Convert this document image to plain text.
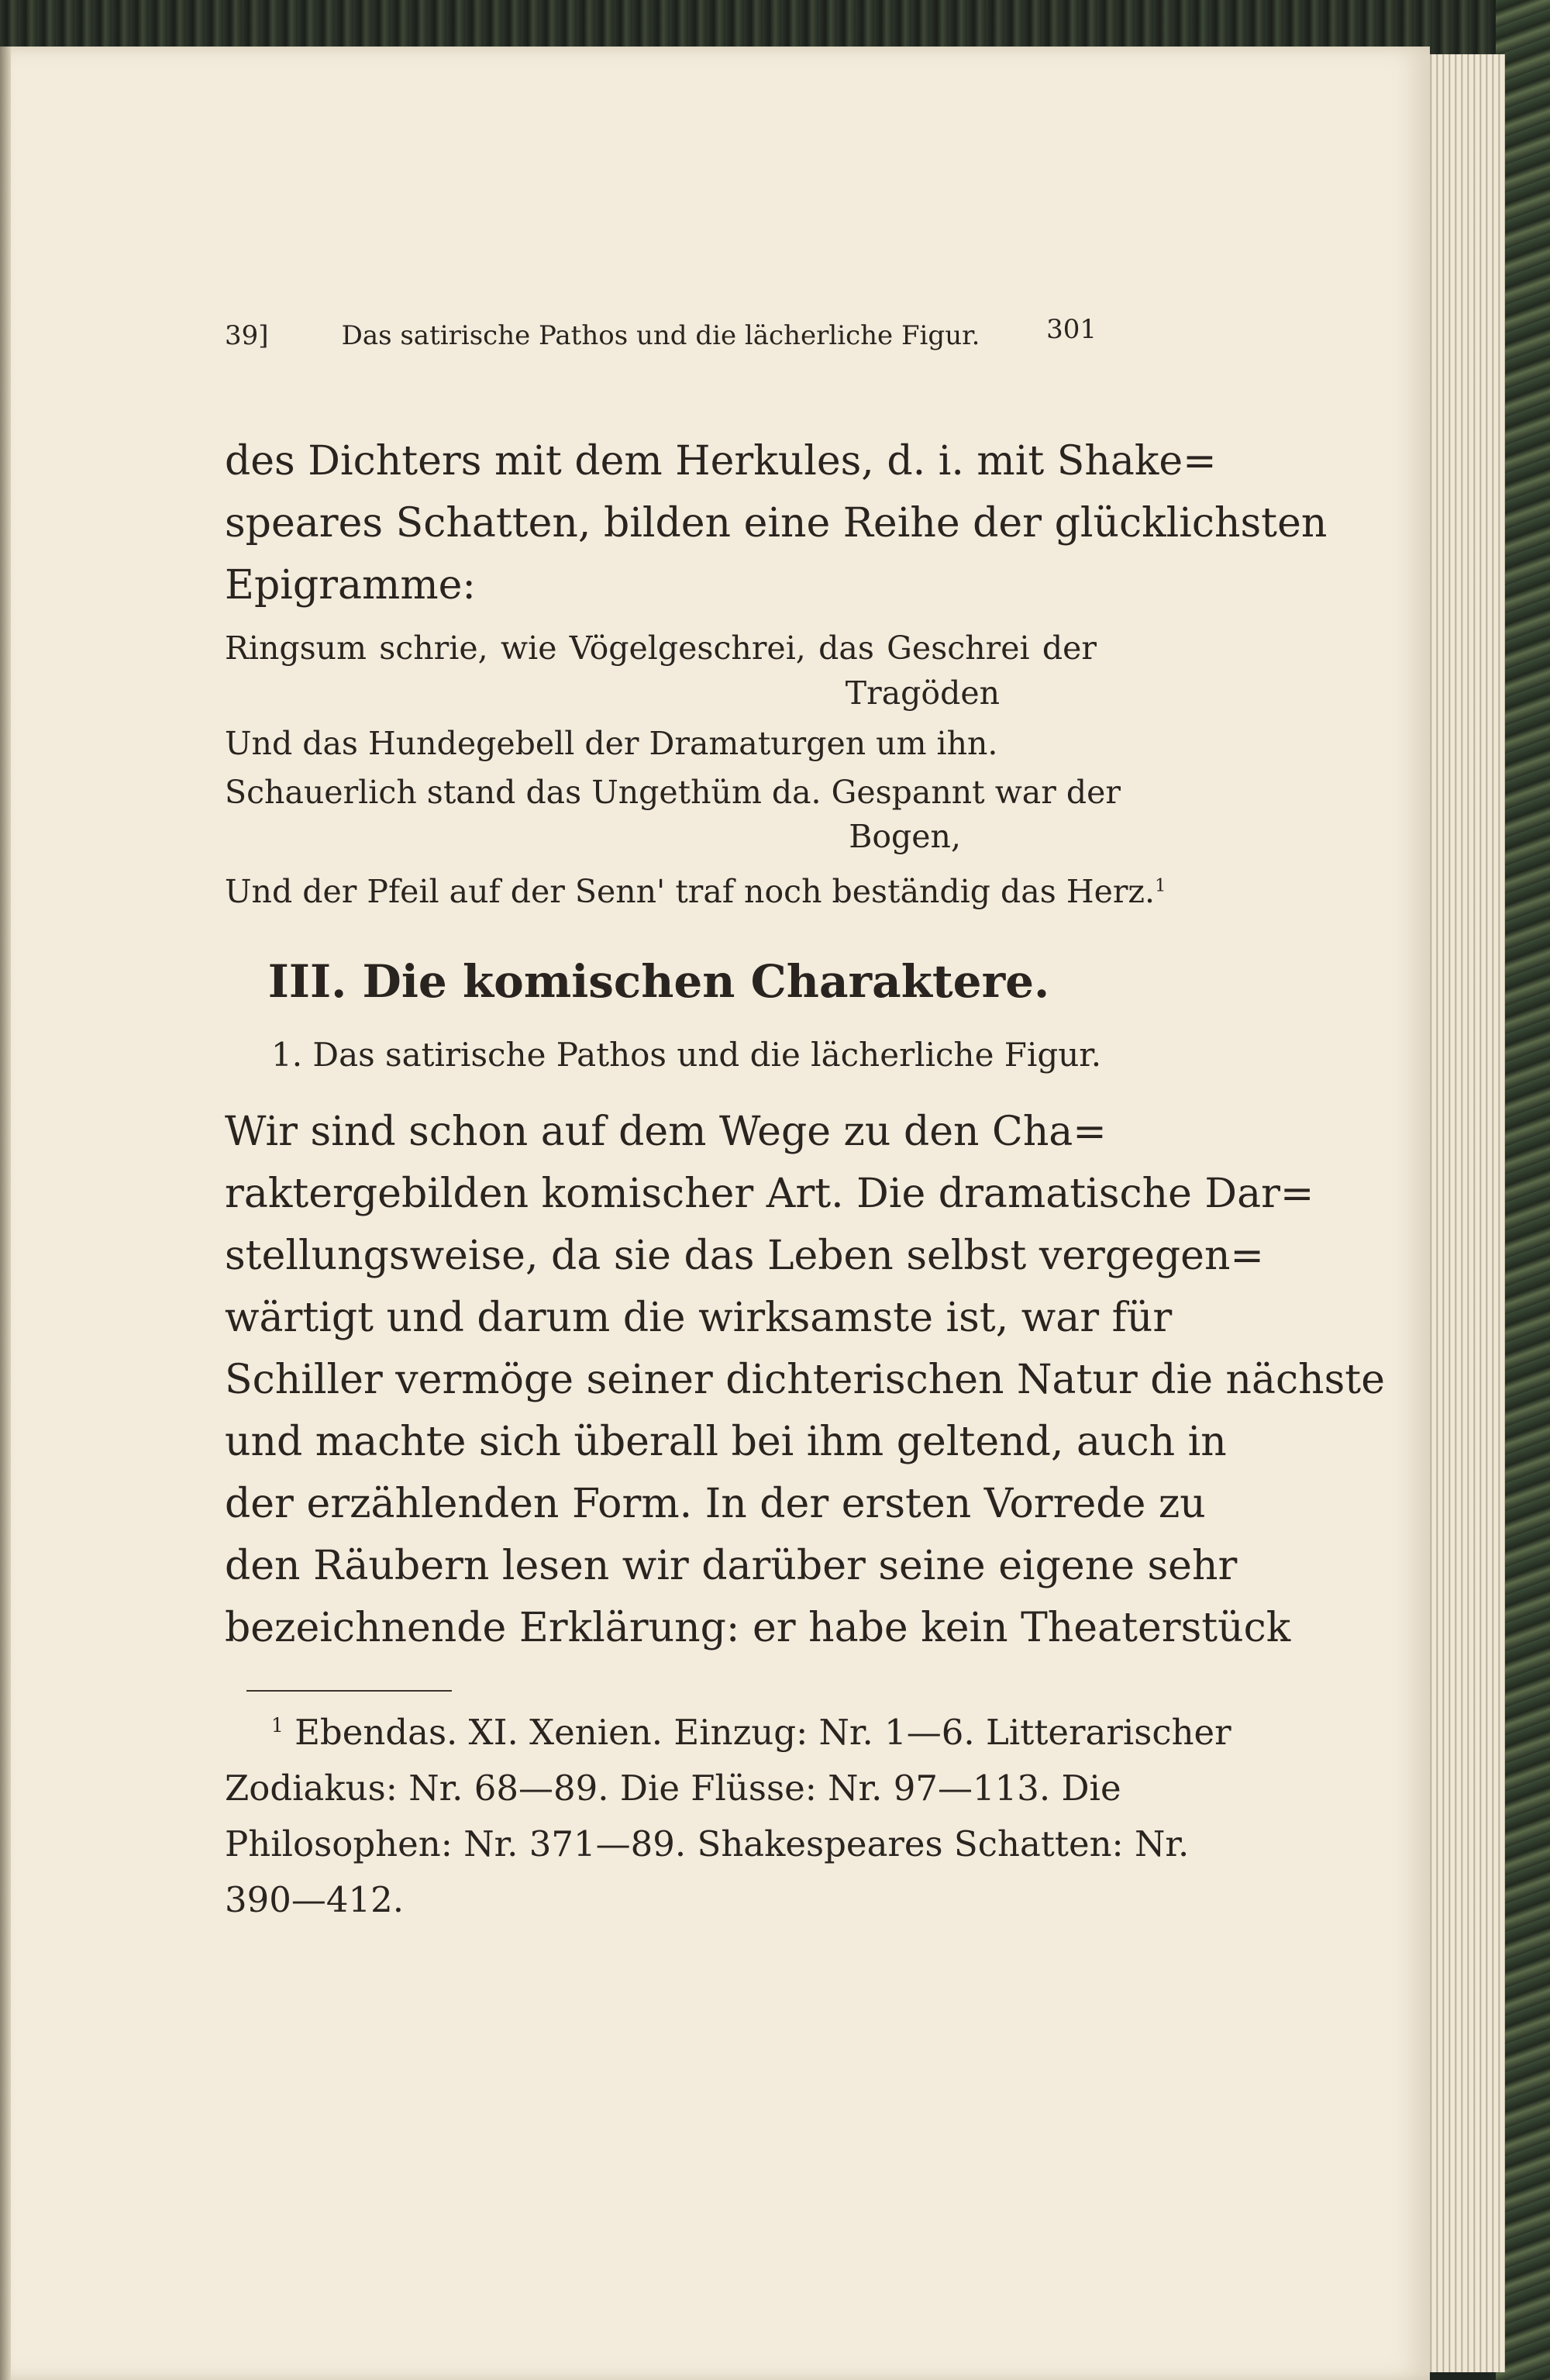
39]	Das satirische Pathos und die lächerliche Figur.	301
des Dichters mit dem Herkules, d. i. mit Shake=
speares Schatten, bilden eine Reihe der glücklichsten
Epigramme:
Ringsum schrie, wie Vögelgeschrei, das Geschrei der
Tragöden
Und das Hundegebell der Dramaturgen um ihn.
Schauerlich stand das Ungethüm da. Gespannt war der
Bogen,
Und der Pfeil auf der Senn' traf noch beständig das Herz.$^1$
III. Die komischen Charaktere.
1. Das satirische Pathos und die lächerliche Figur.
Wir sind schon auf dem Wege zu den Cha=
raktergebilden komischer Art. Die dramatische Dar=
stellungsweise, da sie das Leben selbst vergegen=
wärtigt und darum die wirksamste ist, war für
Schiller vermöge seiner dichterischen Natur die nächste
und machte sich überall bei ihm geltend, auch in
der erzählenden Form. In der ersten Vorrede zu
den Räubern lesen wir darüber seine eigene sehr
bezeichnende Erklärung: er habe kein Theaterstück
$^1$ Ebendas. XI. Xenien. Einzug: Nr. 1—6. Litterarischer
Zodiakus: Nr. 68—89. Die Flüsse: Nr. 97—113. Die
Philosophen: Nr. 371—89. Shakespeares Schatten: Nr.
390—412.
